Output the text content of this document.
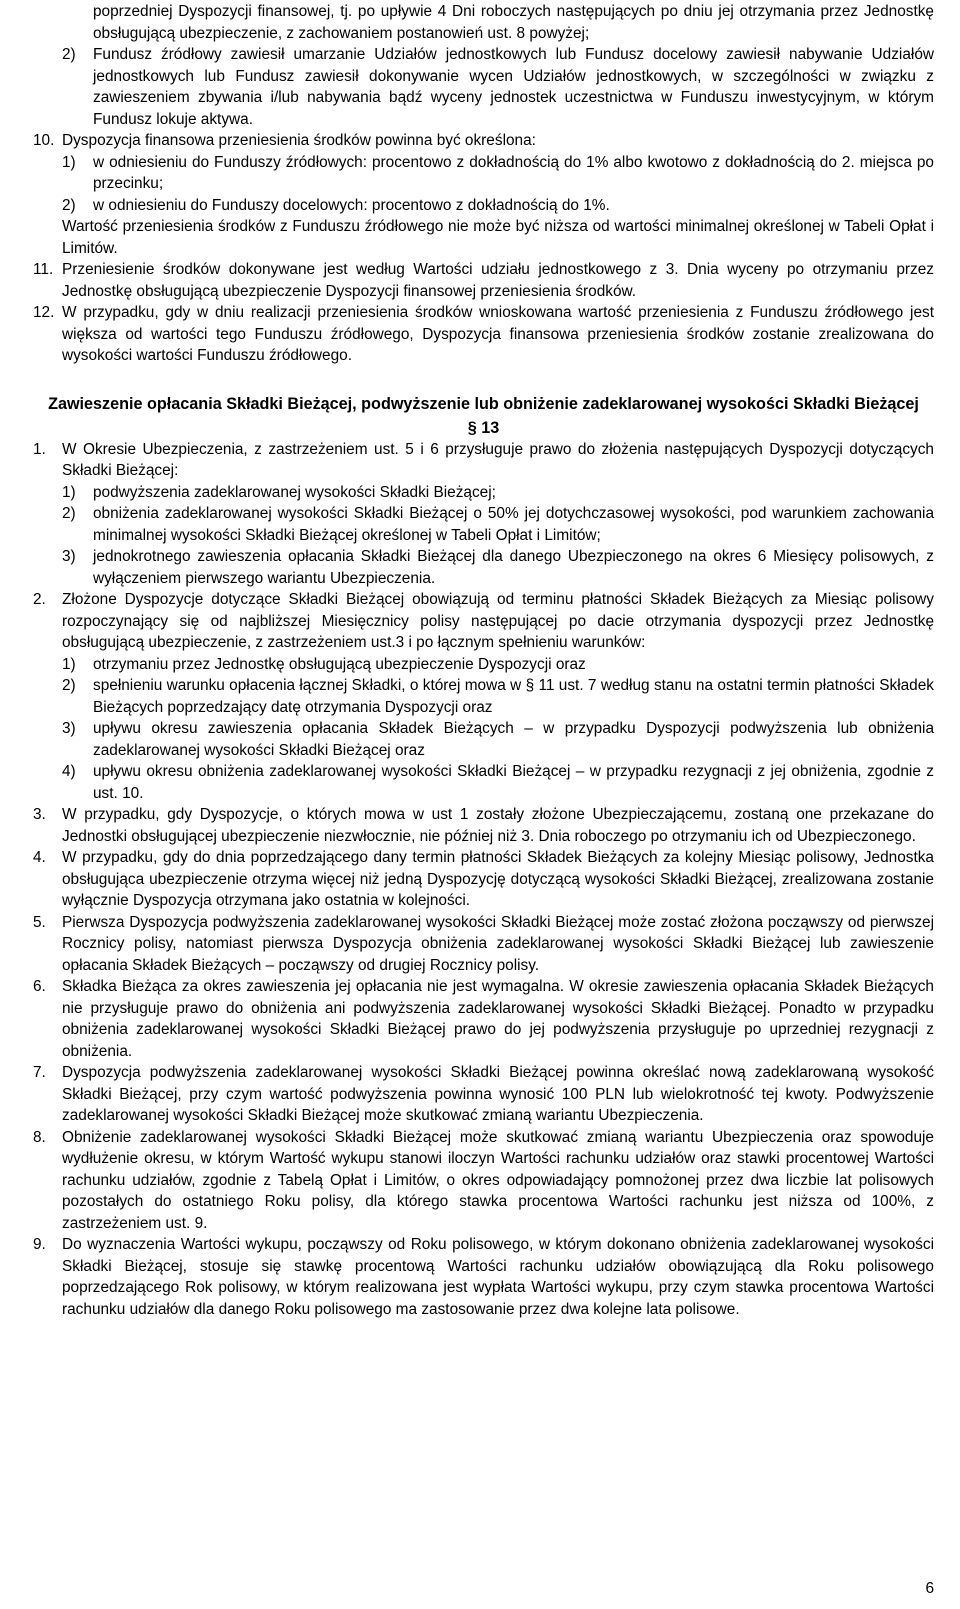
poprzedniej Dyspozycji finansowej, tj. po upływie 4 Dni roboczych następujących po dniu jej otrzymania przez Jednostkę obsługującą ubezpieczenie, z zachowaniem postanowień ust. 8 powyżej;
2) Fundusz źródłowy zawiesił umarzanie Udziałów jednostkowych lub Fundusz docelowy zawiesił nabywanie Udziałów jednostkowych lub Fundusz zawiesił dokonywanie wycen Udziałów jednostkowych, w szczególności w związku z zawieszeniem zbywania i/lub nabywania bądź wyceny jednostek uczestnictwa w Funduszu inwestycyjnym, w którym Fundusz lokuje aktywa.
10. Dyspozycja finansowa przeniesienia środków powinna być określona:
1) w odniesieniu do Funduszy źródłowych: procentowo z dokładnością do 1% albo kwotowo z dokładnością do 2. miejsca po przecinku;
2) w odniesieniu do Funduszy docelowych: procentowo z dokładnością do 1%.
Wartość przeniesienia środków z Funduszu źródłowego nie może być niższa od wartości minimalnej określonej w Tabeli Opłat i Limitów.
11. Przeniesienie środków dokonywane jest według Wartości udziału jednostkowego z 3. Dnia wyceny po otrzymaniu przez Jednostkę obsługującą ubezpieczenie Dyspozycji finansowej przeniesienia środków.
12. W przypadku, gdy w dniu realizacji przeniesienia środków wnioskowana wartość przeniesienia z Funduszu źródłowego jest większa od wartości tego Funduszu źródłowego, Dyspozycja finansowa przeniesienia środków zostanie zrealizowana do wysokości wartości Funduszu źródłowego.
Zawieszenie opłacania Składki Bieżącej, podwyższenie lub obniżenie zadeklarowanej wysokości Składki Bieżącej
§ 13
1. W Okresie Ubezpieczenia, z zastrzeżeniem ust. 5 i 6 przysługuje prawo do złożenia następujących Dyspozycji dotyczących Składki Bieżącej:
1) podwyższenia zadeklarowanej wysokości Składki Bieżącej;
2) obniżenia zadeklarowanej wysokości Składki Bieżącej o 50% jej dotychczasowej wysokości, pod warunkiem zachowania minimalnej wysokości Składki Bieżącej określonej w Tabeli Opłat i Limitów;
3) jednokrotnego zawieszenia opłacania Składki Bieżącej dla danego Ubezpieczonego na okres 6 Miesięcy polisowych, z wyłączeniem pierwszego wariantu Ubezpieczenia.
2. Złożone Dyspozycje dotyczące Składki Bieżącej obowiązują od terminu płatności Składek Bieżących za Miesiąc polisowy rozpoczynający się od najbliższej Miesięcznicy polisy następującej po dacie otrzymania dyspozycji przez Jednostkę obsługującą ubezpieczenie, z zastrzeżeniem ust.3 i po łącznym spełnieniu warunków:
1) otrzymaniu przez Jednostkę obsługującą ubezpieczenie Dyspozycji oraz
2) spełnieniu warunku opłacenia łącznej Składki, o której mowa w § 11 ust. 7 według stanu na ostatni termin płatności Składek Bieżących poprzedzający datę otrzymania Dyspozycji oraz
3) upływu okresu zawieszenia opłacania Składek Bieżących – w przypadku Dyspozycji podwyższenia lub obniżenia zadeklarowanej wysokości Składki Bieżącej oraz
4) upływu okresu obniżenia zadeklarowanej wysokości Składki Bieżącej – w przypadku rezygnacji z jej obniżenia, zgodnie z ust. 10.
3. W przypadku, gdy Dyspozycje, o których mowa w ust 1 zostały złożone Ubezpieczającemu, zostaną one przekazane do Jednostki obsługującej ubezpieczenie niezwłocznie, nie później niż 3. Dnia roboczego po otrzymaniu ich od Ubezpieczonego.
4. W przypadku, gdy do dnia poprzedzającego dany termin płatności Składek Bieżących za kolejny Miesiąc polisowy, Jednostka obsługująca ubezpieczenie otrzyma więcej niż jedną Dyspozycję dotyczącą wysokości Składki Bieżącej, zrealizowana zostanie wyłącznie Dyspozycja otrzymana jako ostatnia w kolejności.
5. Pierwsza Dyspozycja podwyższenia zadeklarowanej wysokości Składki Bieżącej może zostać złożona począwszy od pierwszej Rocznicy polisy, natomiast pierwsza Dyspozycja obniżenia zadeklarowanej wysokości Składki Bieżącej lub zawieszenie opłacania Składek Bieżących – począwszy od drugiej Rocznicy polisy.
6. Składka Bieżąca za okres zawieszenia jej opłacania nie jest wymagalna. W okresie zawieszenia opłacania Składek Bieżących nie przysługuje prawo do obniżenia ani podwyższenia zadeklarowanej wysokości Składki Bieżącej. Ponadto w przypadku obniżenia zadeklarowanej wysokości Składki Bieżącej prawo do jej podwyższenia przysługuje po uprzedniej rezygnacji z obniżenia.
7. Dyspozycja podwyższenia zadeklarowanej wysokości Składki Bieżącej powinna określać nową zadeklarowaną wysokość Składki Bieżącej, przy czym wartość podwyższenia powinna wynosić 100 PLN lub wielokrotność tej kwoty. Podwyższenie zadeklarowanej wysokości Składki Bieżącej może skutkować zmianą wariantu Ubezpieczenia.
8. Obniżenie zadeklarowanej wysokości Składki Bieżącej może skutkować zmianą wariantu Ubezpieczenia oraz spowoduje wydłużenie okresu, w którym Wartość wykupu stanowi iloczyn Wartości rachunku udziałów oraz stawki procentowej Wartości rachunku udziałów, zgodnie z Tabelą Opłat i Limitów, o okres odpowiadający pomnożonej przez dwa liczbie lat polisowych pozostałych do ostatniego Roku polisy, dla którego stawka procentowa Wartości rachunku jest niższa od 100%, z zastrzeżeniem ust. 9.
9. Do wyznaczenia Wartości wykupu, począwszy od Roku polisowego, w którym dokonano obniżenia zadeklarowanej wysokości Składki Bieżącej, stosuje się stawkę procentową Wartości rachunku udziałów obowiązującą dla Roku polisowego poprzedzającego Rok polisowy, w którym realizowana jest wypłata Wartości wykupu, przy czym stawka procentowa Wartości rachunku udziałów dla danego Roku polisowego ma zastosowanie przez dwa kolejne lata polisowe.
6
